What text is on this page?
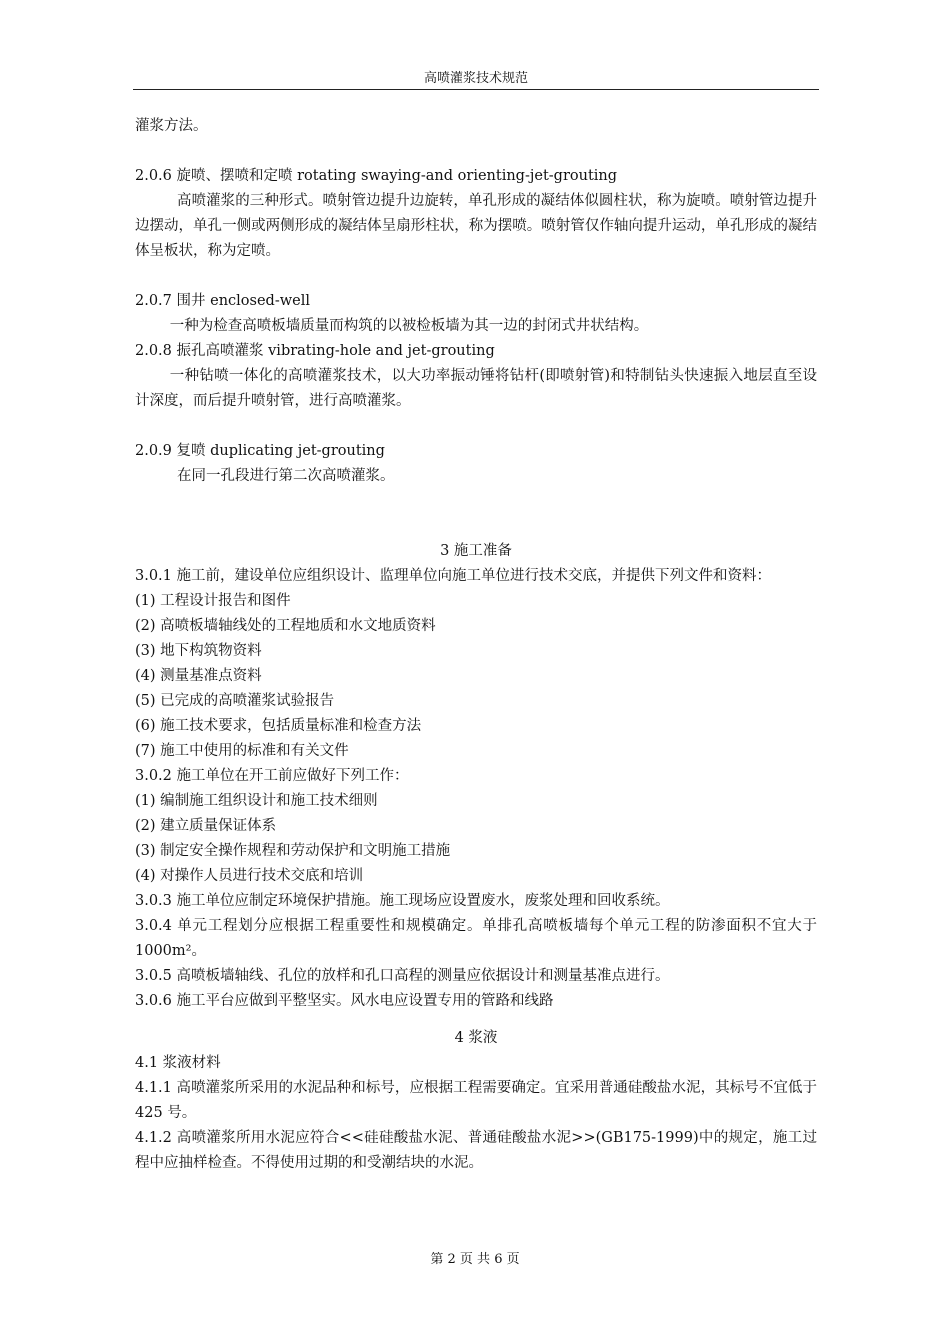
高喷灌浆技术规范

灌浆方法。

2.0.6 旋喷、摆喷和定喷 rotating swaying-and orienting-jet-grouting

高喷灌浆的三种形式。喷射管边提升边旋转，单孔形成的凝结体似圆柱状，称为旋喷。喷射管边提升边摆动，单孔一侧或两侧形成的凝结体呈扇形柱状，称为摆喷。喷射管仅作轴向提升运动，单孔形成的凝结体呈板状，称为定喷。

2.0.7 围井 enclosed-well

一种为检查高喷板墙质量而构筑的以被检板墙为其一边的封闭式井状结构。

2.0.8 振孔高喷灌浆 vibrating-hole and jet-grouting

一种钻喷一体化的高喷灌浆技术，以大功率振动锤将钻杆(即喷射管)和特制钻头快速振入地层直至设计深度，而后提升喷射管，进行高喷灌浆。

2.0.9 复喷 duplicating jet-grouting

在同一孔段进行第二次高喷灌浆。

3 施工准备

3.0.1 施工前，建设单位应组织设计、监理单位向施工单位进行技术交底，并提供下列文件和资料：

(1) 工程设计报告和图件

(2) 高喷板墙轴线处的工程地质和水文地质资料

(3) 地下构筑物资料

(4) 测量基准点资料

(5) 已完成的高喷灌浆试验报告

(6) 施工技术要求，包括质量标准和检查方法

(7) 施工中使用的标准和有关文件

3.0.2 施工单位在开工前应做好下列工作：

(1) 编制施工组织设计和施工技术细则

(2) 建立质量保证体系

(3) 制定安全操作规程和劳动保护和文明施工措施

(4) 对操作人员进行技术交底和培训

3.0.3 施工单位应制定环境保护措施。施工现场应设置废水，废浆处理和回收系统。

3.0.4 单元工程划分应根据工程重要性和规模确定。单排孔高喷板墙每个单元工程的防渗面积不宜大于 1000m²。

3.0.5 高喷板墙轴线、孔位的放样和孔口高程的测量应依据设计和测量基准点进行。

3.0.6 施工平台应做到平整坚实。风水电应设置专用的管路和线路

4 浆液

4.1 浆液材料

4.1.1 高喷灌浆所采用的水泥品种和标号，应根据工程需要确定。宜采用普通硅酸盐水泥，其标号不宜低于 425 号。

4.1.2 高喷灌浆所用水泥应符合<<硅硅酸盐水泥、普通硅酸盐水泥>>(GB175-1999)中的规定，施工过程中应抽样检查。不得使用过期的和受潮结块的水泥。

第 2 页 共 6 页
